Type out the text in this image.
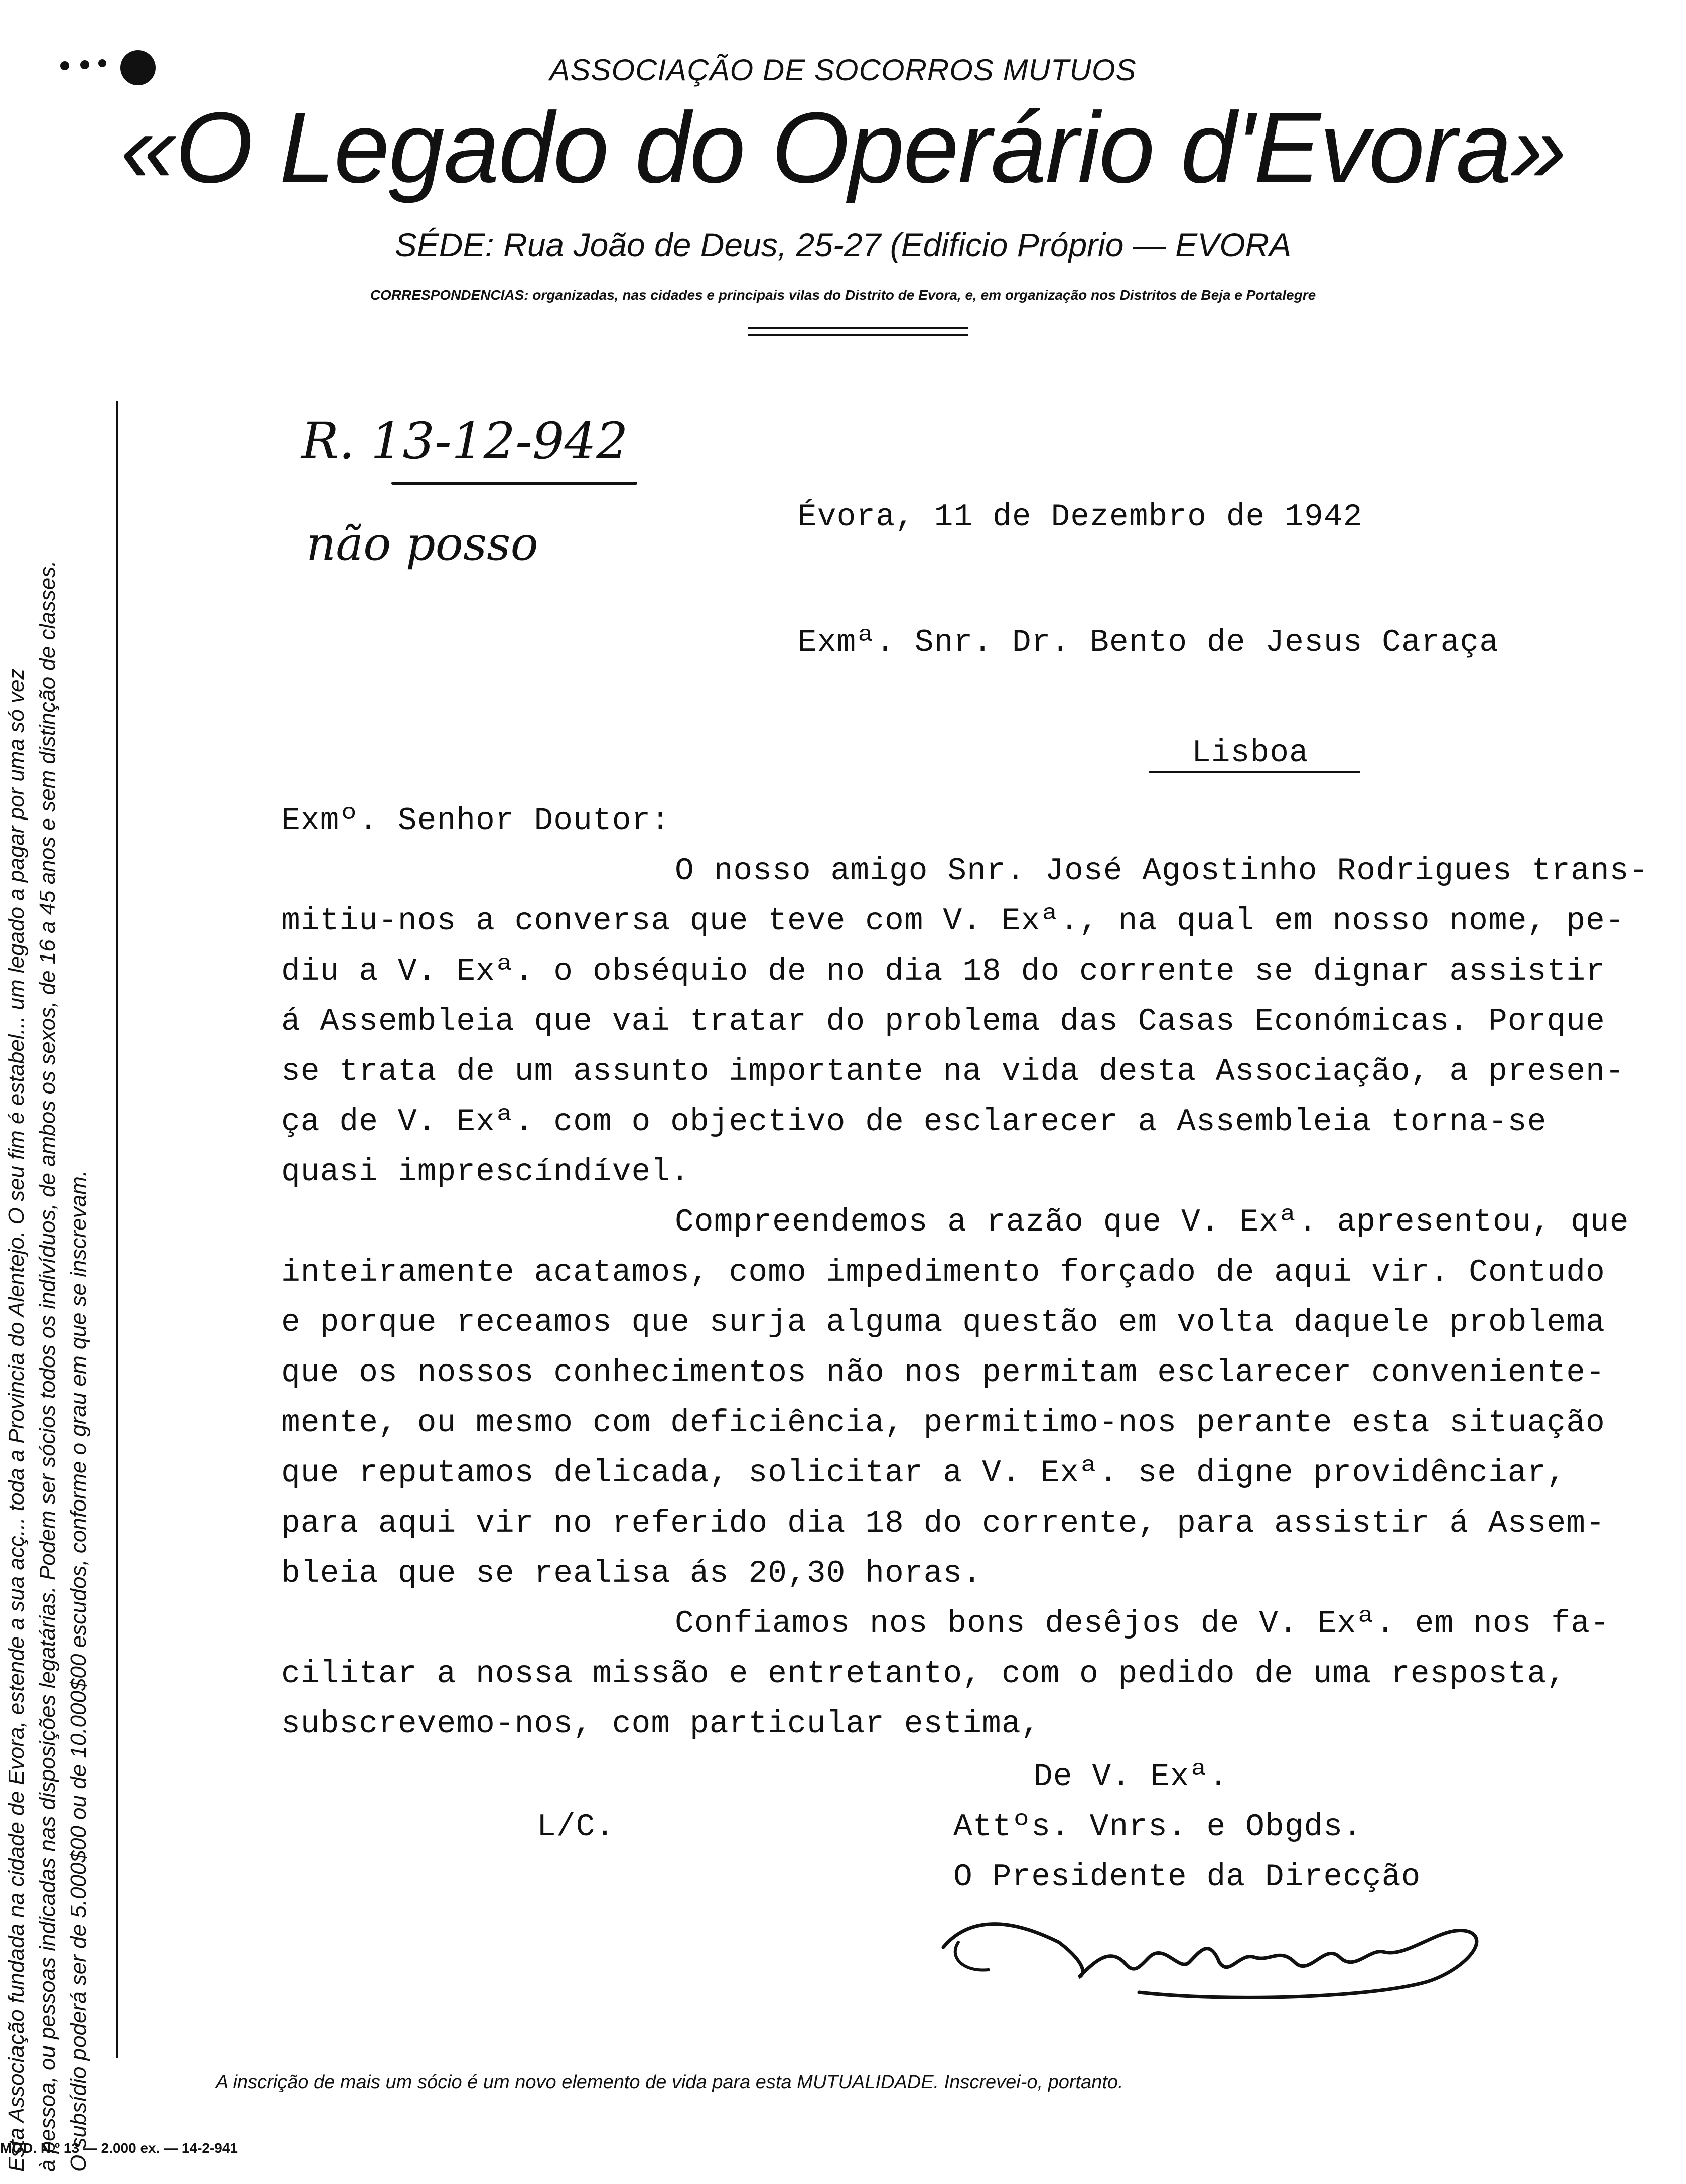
ASSOCIAÇÃO DE SOCORROS MUTUOS
«O Legado do Operário d'Evora»
SÉDE: Rua João de Deus, 25-27 (Edificio Próprio — EVORA
CORRESPONDENCIAS: organizadas, nas cidades e principais vilas do Distrito de Evora, e, em organização nos Distritos de Beja e Portalegre
Esta Associação fundada na cidade de Evora, estende a sua acç... toda a Provincia do Alentejo. O seu fim é estabel... um legado a pagar por uma só vez à pessoa, ou pessoas indicadas nas disposições legatárias. Podem ser sócios todos os indivíduos, de ambos os sexos, de 16 a 45 anos e sem distinção de classes. O subsídio poderá ser de 5.000$00 ou de 10.000$00 escudos, conforme o grau em que se inscrevam.
R. 13-12-942
não posso	Évora, 11 de Dezembro de 1942
Exmª. Snr. Dr. Bento de Jesus Caraça
Lisboa
Exmº. Senhor Doutor:
O nosso amigo Snr. José Agostinho Rodrigues trans-
mitiu-nos a conversa que teve com V. Exª., na qual em nosso nome, pe-
diu a V. Exª. o obséquio de no dia 18 do corrente se dignar assistir
á Assembleia que vai tratar do problema das Casas Económicas. Porque
se trata de um assunto importante na vida desta Associação, a presen-
ça de V. Exª. com o objectivo de esclarecer a Assembleia torna-se
quasi imprescíndível.
Compreendemos a razão que V. Exª. apresentou, que
inteiramente acatamos, como impedimento forçado de aqui vir. Contudo
e porque receamos que surja alguma questão em volta daquele problema
que os nossos conhecimentos não nos permitam esclarecer conveniente-
mente, ou mesmo com deficiência, permitimo-nos perante esta situação
que reputamos delicada, solicitar a V. Exª. se digne providênciar,
para aqui vir no referido dia 18 do corrente, para assistir á Assem-
bleia que se realisa ás 20,30 horas.
Confiamos nos bons desêjos de V. Exª. em nos fa-
cilitar a nossa missão e entretanto, com o pedido de uma resposta,
subscrevemo-nos, com particular estima,
De V. Exª.
L/C.	Attºs. Vnrs. e Obgds.
O Presidente da Direcção
A inscrição de mais um sócio é um novo elemento de vida para esta MUTUALIDADE. Inscrevei-o, portanto.
MOD. N.º 13 — 2.000 ex. — 14-2-941
